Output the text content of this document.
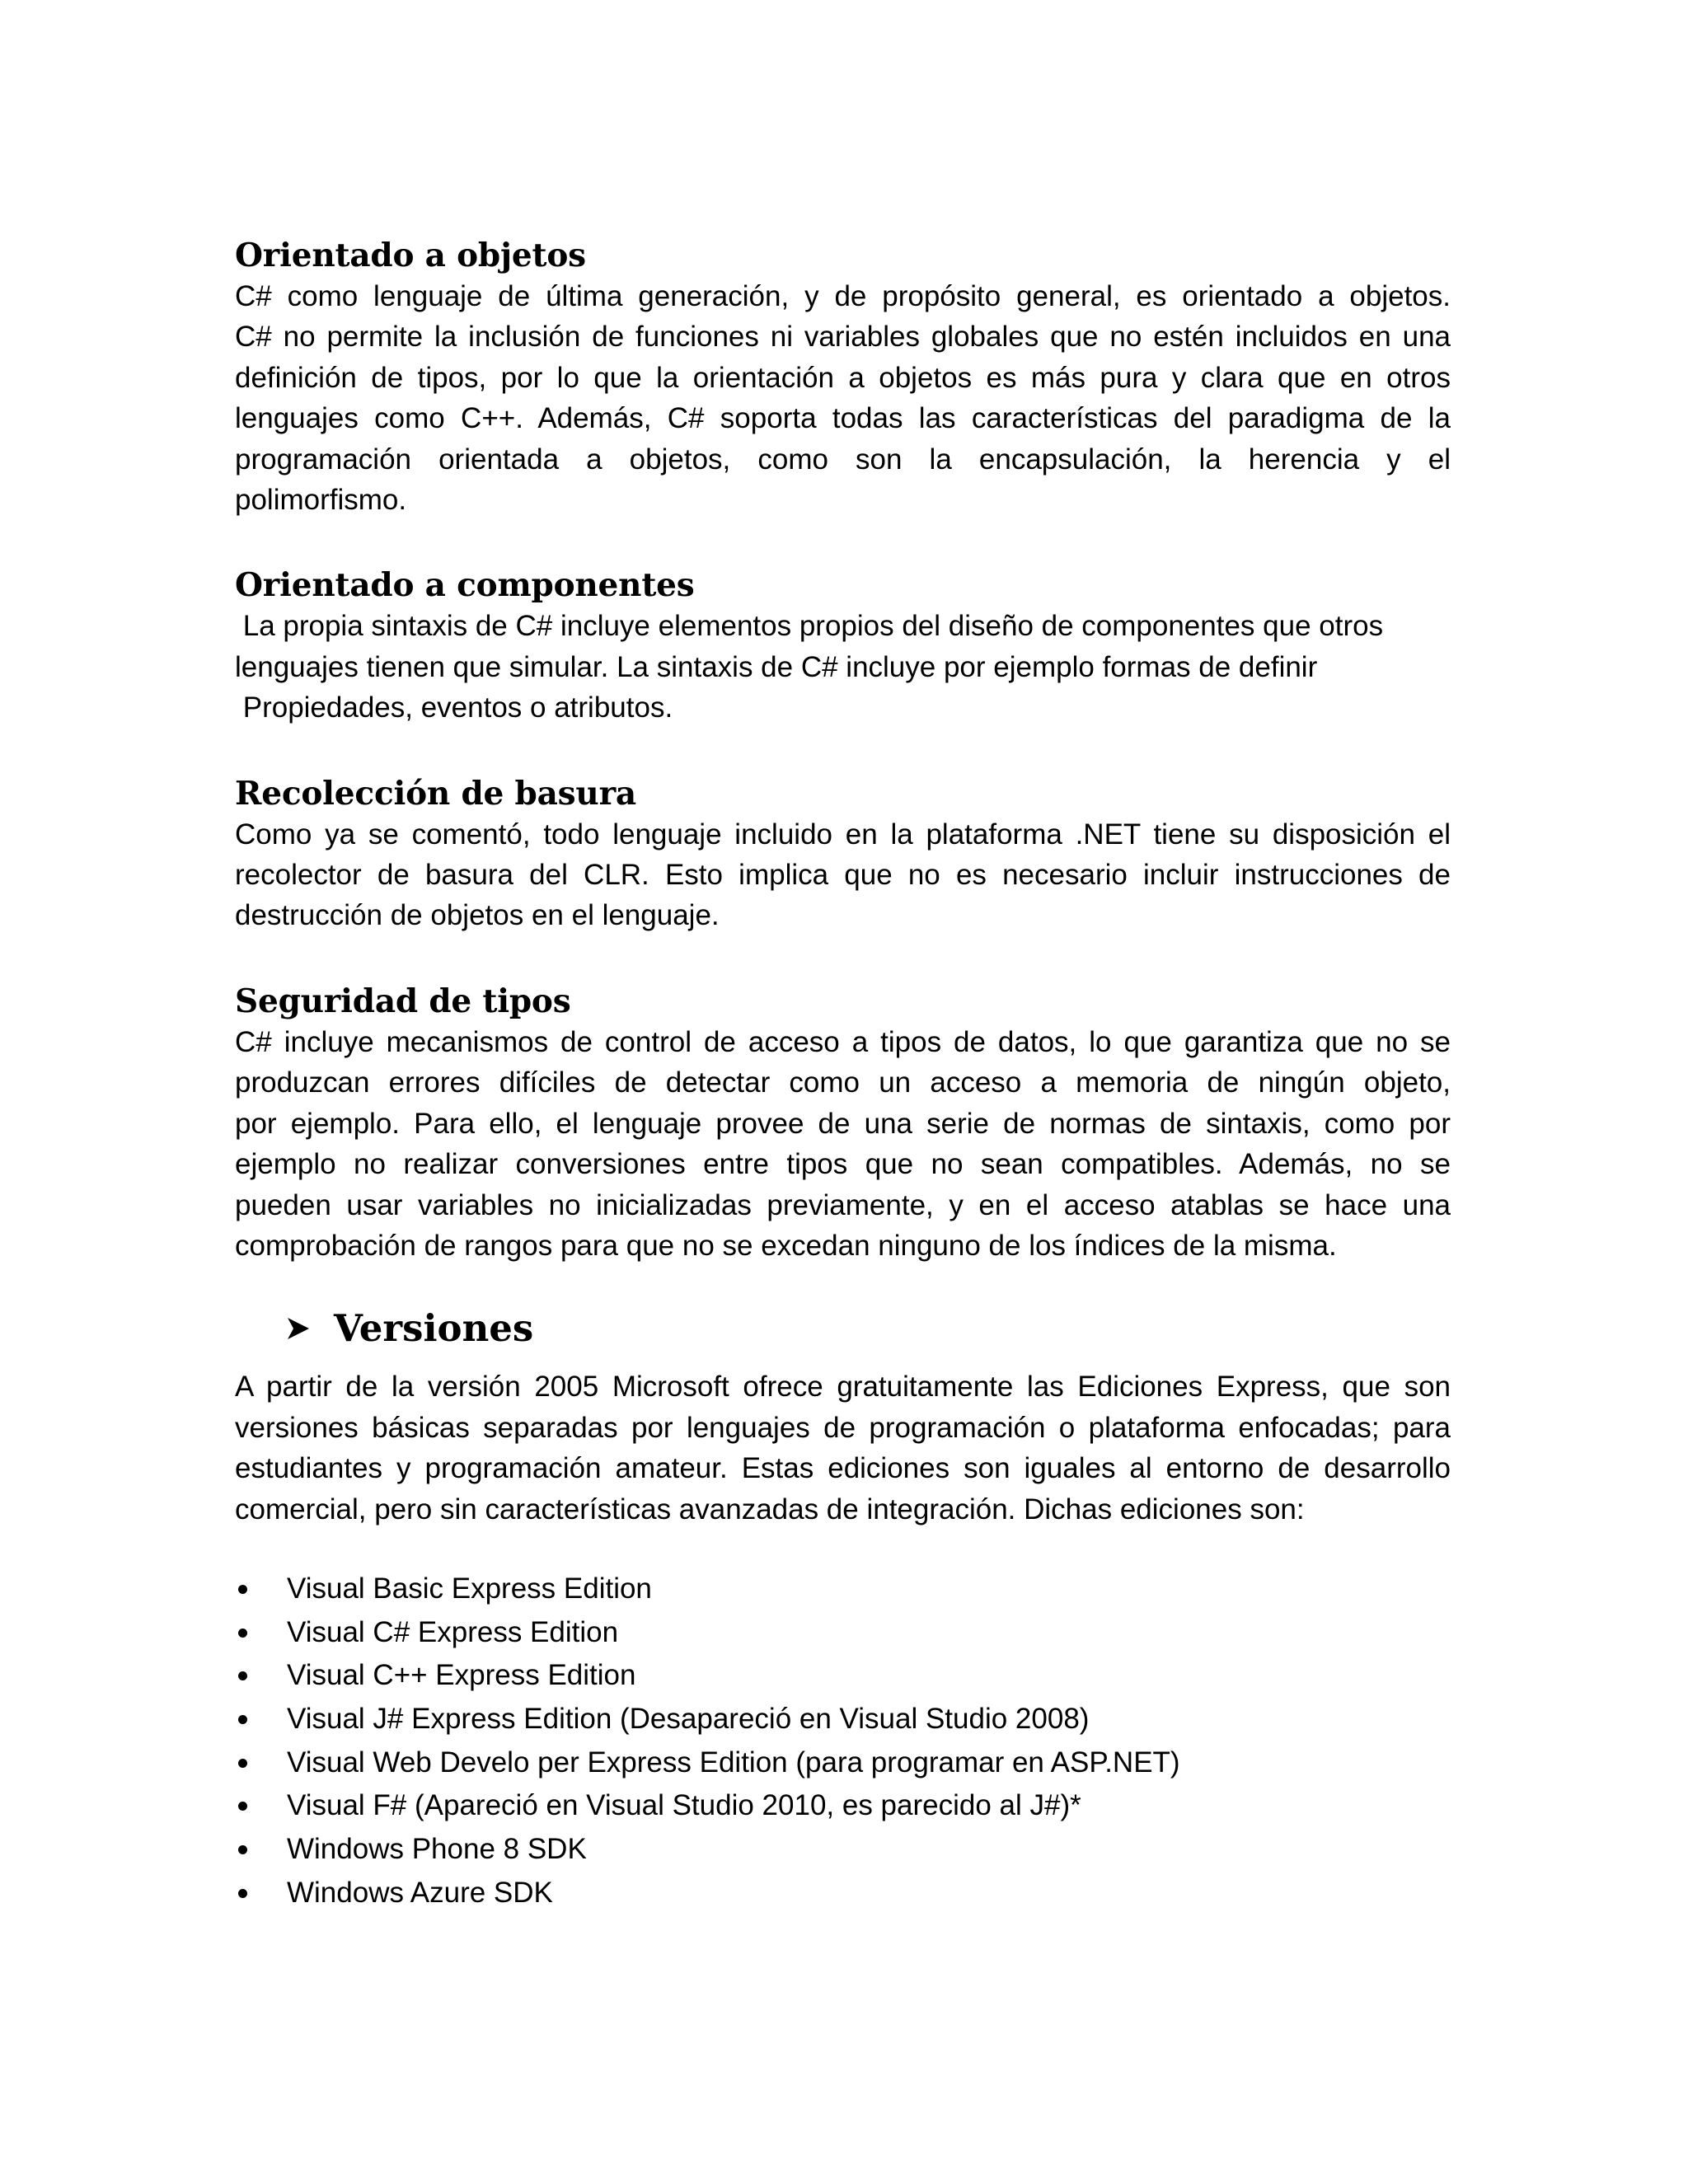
Orientado a objetos

C# como lenguaje de última generación, y de propósito general, es orientado a objetos.
C# no permite la inclusión de funciones ni variables globales que no estén incluidos en una
definición de tipos, por lo que la orientación a objetos es más pura y clara que en otros
lenguajes como C++. Además, C# soporta todas las características del paradigma de la
programación orientada a objetos, como son la encapsulación, la herencia y el
polimorfismo.

Orientado a componentes

La propia sintaxis de C# incluye elementos propios del diseño de componentes que otros
lenguajes tienen que simular. La sintaxis de C# incluye por ejemplo formas de definir
Propiedades, eventos o atributos.

Recolección de basura

Como ya se comentó, todo lenguaje incluido en la plataforma .NET tiene su disposición el
recolector de basura del CLR. Esto implica que no es necesario incluir instrucciones de
destrucción de objetos en el lenguaje.

Seguridad de tipos

C# incluye mecanismos de control de acceso a tipos de datos, lo que garantiza que no se
produzcan errores difíciles de detectar como un acceso a memoria de ningún objeto,
por ejemplo. Para ello, el lenguaje provee de una serie de normas de sintaxis, como por
ejemplo no realizar conversiones entre tipos que no sean compatibles. Además, no se
pueden usar variables no inicializadas previamente, y en el acceso atablas se hace una
comprobación de rangos para que no se excedan ninguno de los índices de la misma.

Versiones

A partir de la versión 2005 Microsoft ofrece gratuitamente las Ediciones Express, que son
versiones básicas separadas por lenguajes de programación o plataforma enfocadas; para
estudiantes y programación amateur. Estas ediciones son iguales al entorno de desarrollo
comercial, pero sin características avanzadas de integración. Dichas ediciones son:

Visual Basic Express Edition
Visual C# Express Edition
Visual C++ Express Edition
Visual J# Express Edition (Desapareció en Visual Studio 2008)
Visual Web Develo per Express Edition (para programar en ASP.NET)
Visual F# (Apareció en Visual Studio 2010, es parecido al J#)*
Windows Phone 8 SDK
Windows Azure SDK
